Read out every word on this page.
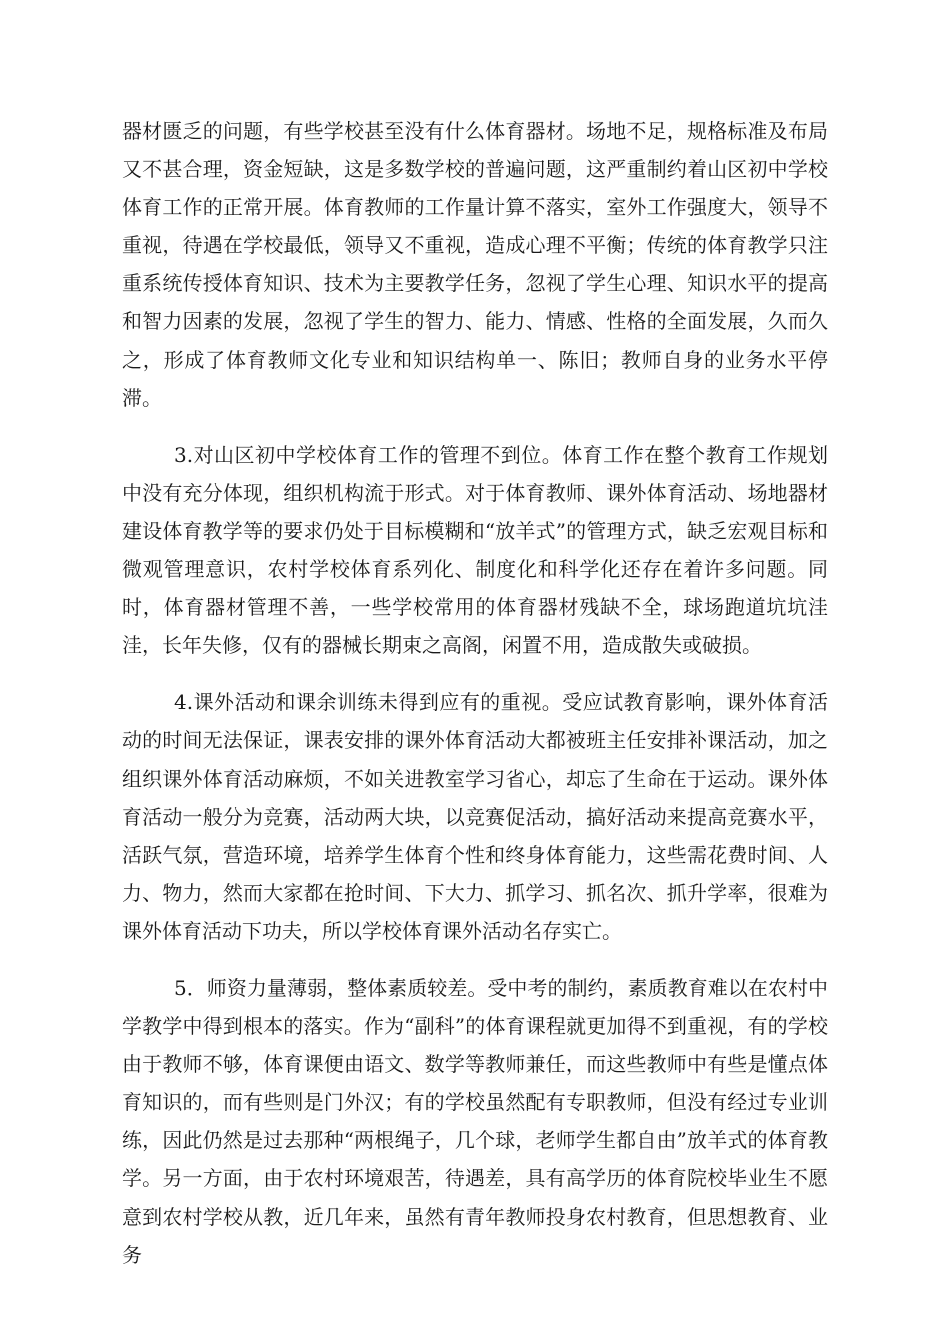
器材匮乏的问题，有些学校甚至没有什么体育器材。场地不足，规格标准及布局又不甚合理，资金短缺，这是多数学校的普遍问题，这严重制约着山区初中学校体育工作的正常开展。体育教师的工作量计算不落实，室外工作强度大，领导不重视，待遇在学校最低，领导又不重视，造成心理不平衡；传统的体育教学只注重系统传授体育知识、技术为主要教学任务，忽视了学生心理、知识水平的提高和智力因素的发展，忽视了学生的智力、能力、情感、性格的全面发展，久而久之，形成了体育教师文化专业和知识结构单一、陈旧；教师自身的业务水平停滞。

3.对山区初中学校体育工作的管理不到位。体育工作在整个教育工作规划中没有充分体现，组织机构流于形式。对于体育教师、课外体育活动、场地器材建设体育教学等的要求仍处于目标模糊和“放羊式”的管理方式，缺乏宏观目标和微观管理意识，农村学校体育系列化、制度化和科学化还存在着许多问题。同时，体育器材管理不善，一些学校常用的体育器材残缺不全，球场跑道坑坑洼洼，长年失修，仅有的器械长期束之高阁，闲置不用，造成散失或破损。

4.课外活动和课余训练未得到应有的重视。受应试教育影响，课外体育活动的时间无法保证，课表安排的课外体育活动大都被班主任安排补课活动，加之组织课外体育活动麻烦，不如关进教室学习省心，却忘了生命在于运动。课外体育活动一般分为竞赛，活动两大块，以竞赛促活动，搞好活动来提高竞赛水平，活跃气氛，营造环境，培养学生体育个性和终身体育能力，这些需花费时间、人力、物力，然而大家都在抢时间、下大力、抓学习、抓名次、抓升学率，很难为课外体育活动下功夫，所以学校体育课外活动名存实亡。

5．师资力量薄弱，整体素质较差。受中考的制约，素质教育难以在农村中学教学中得到根本的落实。作为“副科”的体育课程就更加得不到重视，有的学校由于教师不够，体育课便由语文、数学等教师兼任，而这些教师中有些是懂点体育知识的，而有些则是门外汉；有的学校虽然配有专职教师，但没有经过专业训练，因此仍然是过去那种“两根绳子，几个球，老师学生都自由”放羊式的体育教学。另一方面，由于农村环境艰苦，待遇差，具有高学历的体育院校毕业生不愿意到农村学校从教，近几年来，虽然有青年教师投身农村教育，但思想教育、业务
